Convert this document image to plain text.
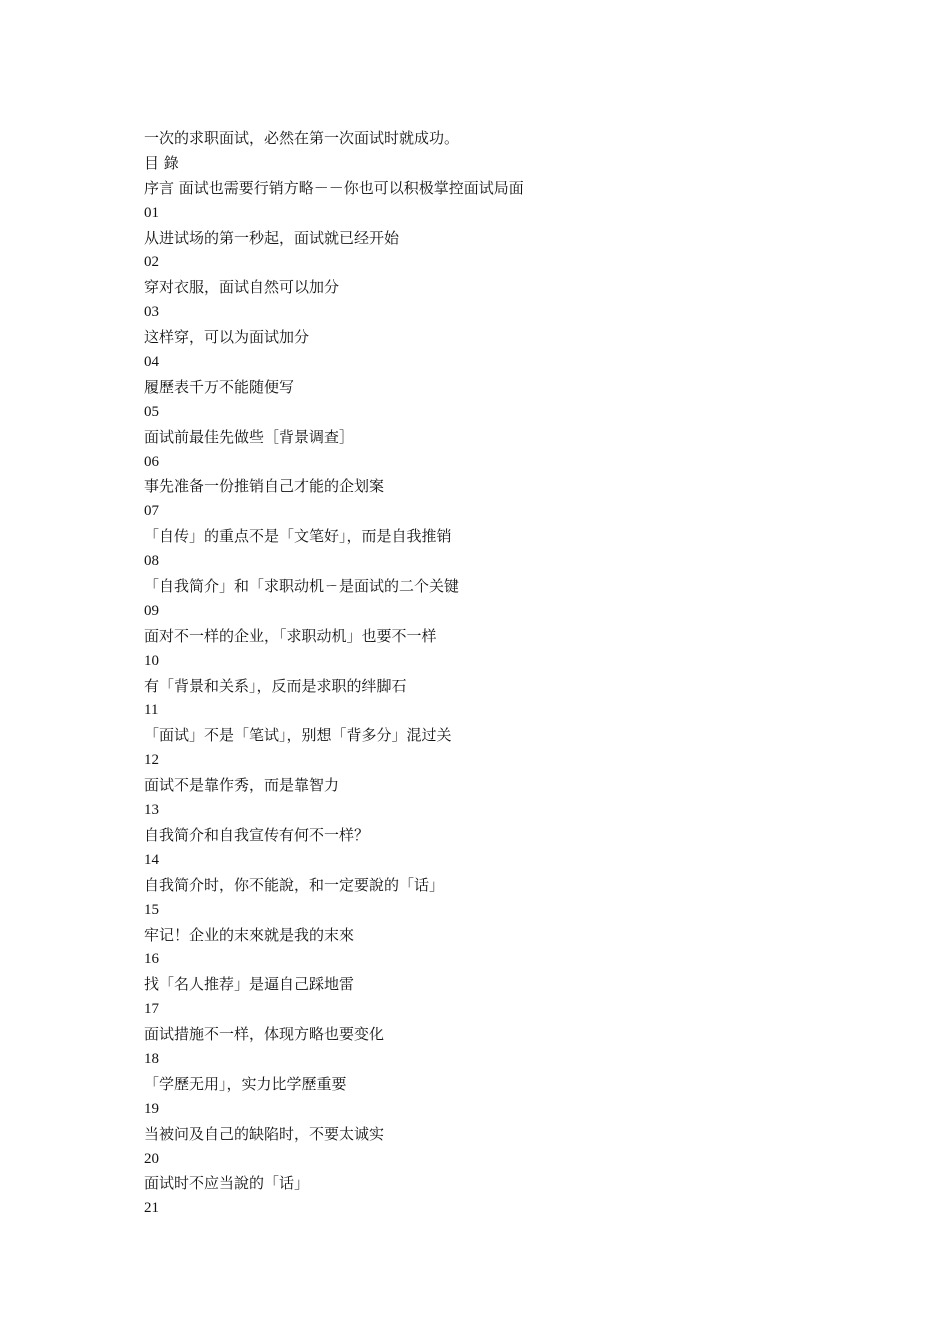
一次的求职面试，必然在第一次面试时就成功。
目 錄
序言 面试也需要行销方略－－你也可以积极掌控面试局面
01
从进试场的第一秒起，面试就已经开始
02
穿对衣服，面试自然可以加分
03
这样穿，可以为面试加分
04
履歷表千万不能随便写
05
面试前最佳先做些［背景调查］
06
事先准备一份推销自己才能的企划案
07
「自传」的重点不是「文笔好」，而是自我推销
08
「自我简介」和「求职动机ㄧ是面试的二个关键
09
面对不一样的企业，「求职动机」也要不一样
10
有「背景和关系」，反而是求职的绊脚石
11
「面试」不是「笔试」，别想「背多分」混过关
12
面试不是靠作秀，而是靠智力
13
自我简介和自我宣传有何不一样？
14
自我简介时，你不能說，和一定要說的「话」
15
牢记！企业的末來就是我的末來
16
找「名人推荐」是逼自己踩地雷
17
面试措施不一样，体现方略也要变化
18
「学歷无用」，实力比学歷重要
19
当被问及自己的缺陷时，不要太诚实
20
面试时不应当說的「话」
21
